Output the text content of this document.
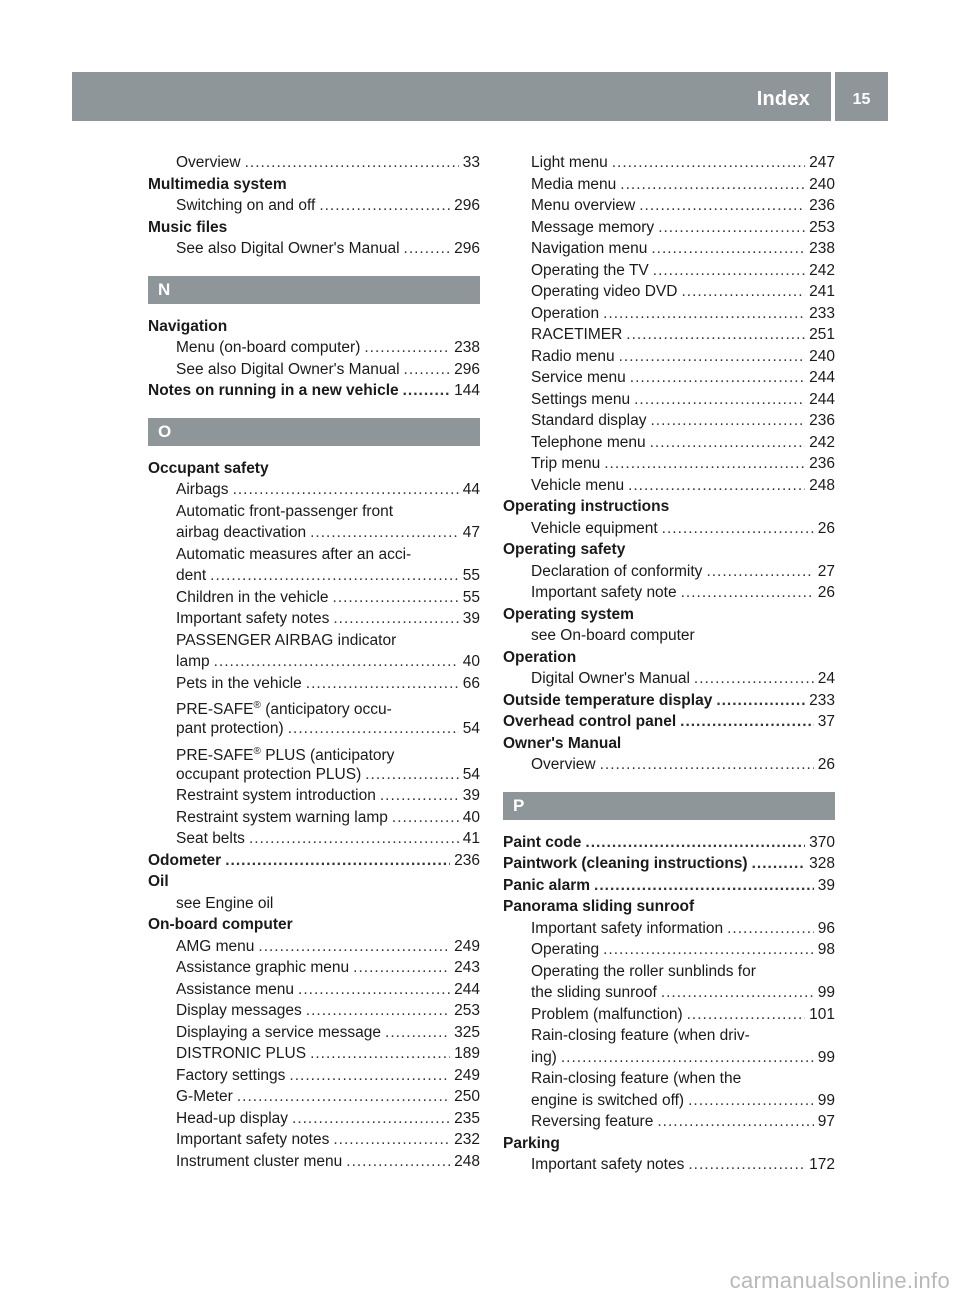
Index	15
Overview .....	33
Multimedia system
Switching on and off .....	296
Music files
See also Digital Owner's Manual .....	296
N
Navigation
Menu (on-board computer) .....	238
See also Digital Owner's Manual .....	296
Notes on running in a new vehicle .....	144
O
Occupant safety
Airbags .....	44
Automatic front-passenger front
airbag deactivation .....	47
Automatic measures after an acci-
dent .....	55
Children in the vehicle .....	55
Important safety notes .....	39
PASSENGER AIRBAG indicator
lamp .....	40
Pets in the vehicle .....	66
PRE-SAFE® (anticipatory occu-
pant protection) .....	54
PRE-SAFE® PLUS (anticipatory
occupant protection PLUS) .....	54
Restraint system introduction .....	39
Restraint system warning lamp .....	40
Seat belts .....	41
Odometer .....	236
Oil
see Engine oil
On-board computer
AMG menu .....	249
Assistance graphic menu .....	243
Assistance menu .....	244
Display messages .....	253
Displaying a service message .....	325
DISTRONIC PLUS .....	189
Factory settings .....	249
G-Meter .....	250
Head-up display .....	235
Important safety notes .....	232
Instrument cluster menu .....	248
Light menu .....	247
Media menu .....	240
Menu overview .....	236
Message memory .....	253
Navigation menu .....	238
Operating the TV .....	242
Operating video DVD .....	241
Operation .....	233
RACETIMER .....	251
Radio menu .....	240
Service menu .....	244
Settings menu .....	244
Standard display .....	236
Telephone menu .....	242
Trip menu .....	236
Vehicle menu .....	248
Operating instructions
Vehicle equipment .....	26
Operating safety
Declaration of conformity .....	27
Important safety note .....	26
Operating system
see On-board computer
Operation
Digital Owner's Manual .....	24
Outside temperature display .....	233
Overhead control panel .....	37
Owner's Manual
Overview .....	26
P
Paint code .....	370
Paintwork (cleaning instructions) .....	328
Panic alarm .....	39
Panorama sliding sunroof
Important safety information .....	96
Operating .....	98
Operating the roller sunblinds for
the sliding sunroof .....	99
Problem (malfunction) .....	101
Rain-closing feature (when driv-
ing) .....	99
Rain-closing feature (when the
engine is switched off) .....	99
Reversing feature .....	97
Parking
Important safety notes .....	172
carmanualsonline.info
